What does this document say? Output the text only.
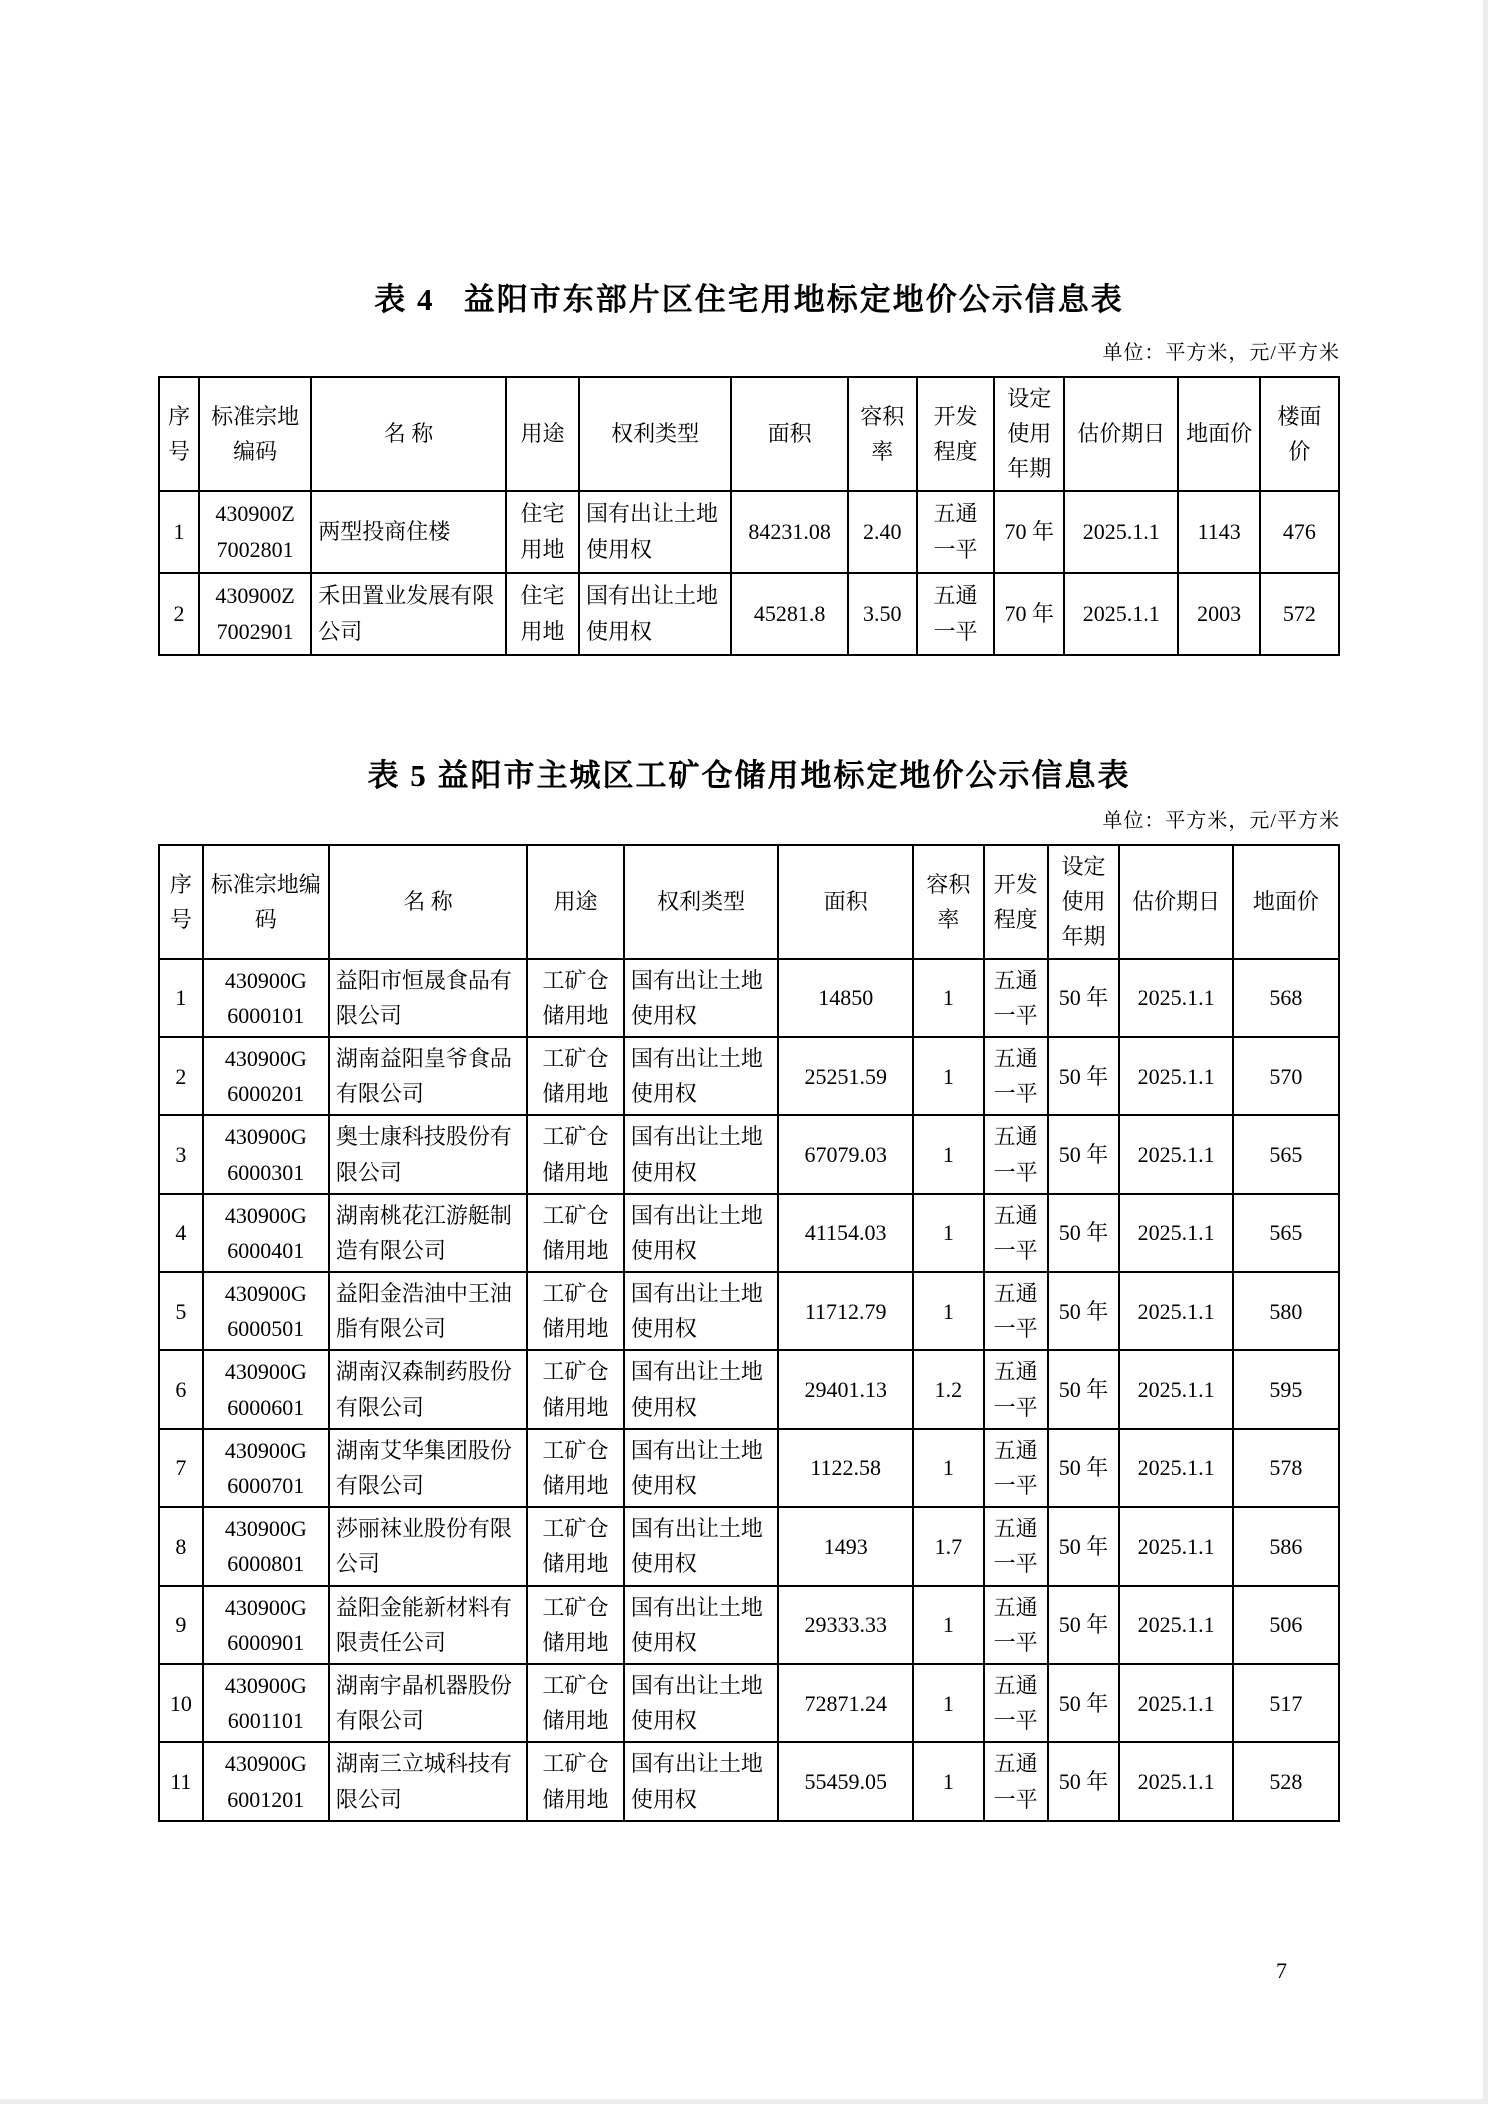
表 4   益阳市东部片区住宅用地标定地价公示信息表
单位：平方米，元/平方米
序号	标准宗地编码	名 称	用途	权利类型	面积	容积率	开发程度	设定使用年期	估价期日	地面价	楼面价
1	430900Z 7002801	两型投商住楼	住宅用地	国有出让土地使用权	84231.08	2.40	五通一平	70 年	2025.1.1	1143	476
2	430900Z 7002901	禾田置业发展有限公司	住宅用地	国有出让土地使用权	45281.8	3.50	五通一平	70 年	2025.1.1	2003	572
表 5 益阳市主城区工矿仓储用地标定地价公示信息表
单位：平方米，元/平方米
序号	标准宗地编码	名 称	用途	权利类型	面积	容积率	开发程度	设定使用年期	估价期日	地面价
1	430900G 6000101	益阳市恒晟食品有限公司	工矿仓储用地	国有出让土地使用权	14850	1	五通一平	50 年	2025.1.1	568
2	430900G 6000201	湖南益阳皇爷食品有限公司	工矿仓储用地	国有出让土地使用权	25251.59	1	五通一平	50 年	2025.1.1	570
3	430900G 6000301	奥士康科技股份有限公司	工矿仓储用地	国有出让土地使用权	67079.03	1	五通一平	50 年	2025.1.1	565
4	430900G 6000401	湖南桃花江游艇制造有限公司	工矿仓储用地	国有出让土地使用权	41154.03	1	五通一平	50 年	2025.1.1	565
5	430900G 6000501	益阳金浩油中王油脂有限公司	工矿仓储用地	国有出让土地使用权	11712.79	1	五通一平	50 年	2025.1.1	580
6	430900G 6000601	湖南汉森制药股份有限公司	工矿仓储用地	国有出让土地使用权	29401.13	1.2	五通一平	50 年	2025.1.1	595
7	430900G 6000701	湖南艾华集团股份有限公司	工矿仓储用地	国有出让土地使用权	1122.58	1	五通一平	50 年	2025.1.1	578
8	430900G 6000801	莎丽袜业股份有限公司	工矿仓储用地	国有出让土地使用权	1493	1.7	五通一平	50 年	2025.1.1	586
9	430900G 6000901	益阳金能新材料有限责任公司	工矿仓储用地	国有出让土地使用权	29333.33	1	五通一平	50 年	2025.1.1	506
10	430900G 6001101	湖南宇晶机器股份有限公司	工矿仓储用地	国有出让土地使用权	72871.24	1	五通一平	50 年	2025.1.1	517
11	430900G 6001201	湖南三立城科技有限公司	工矿仓储用地	国有出让土地使用权	55459.05	1	五通一平	50 年	2025.1.1	528
7
